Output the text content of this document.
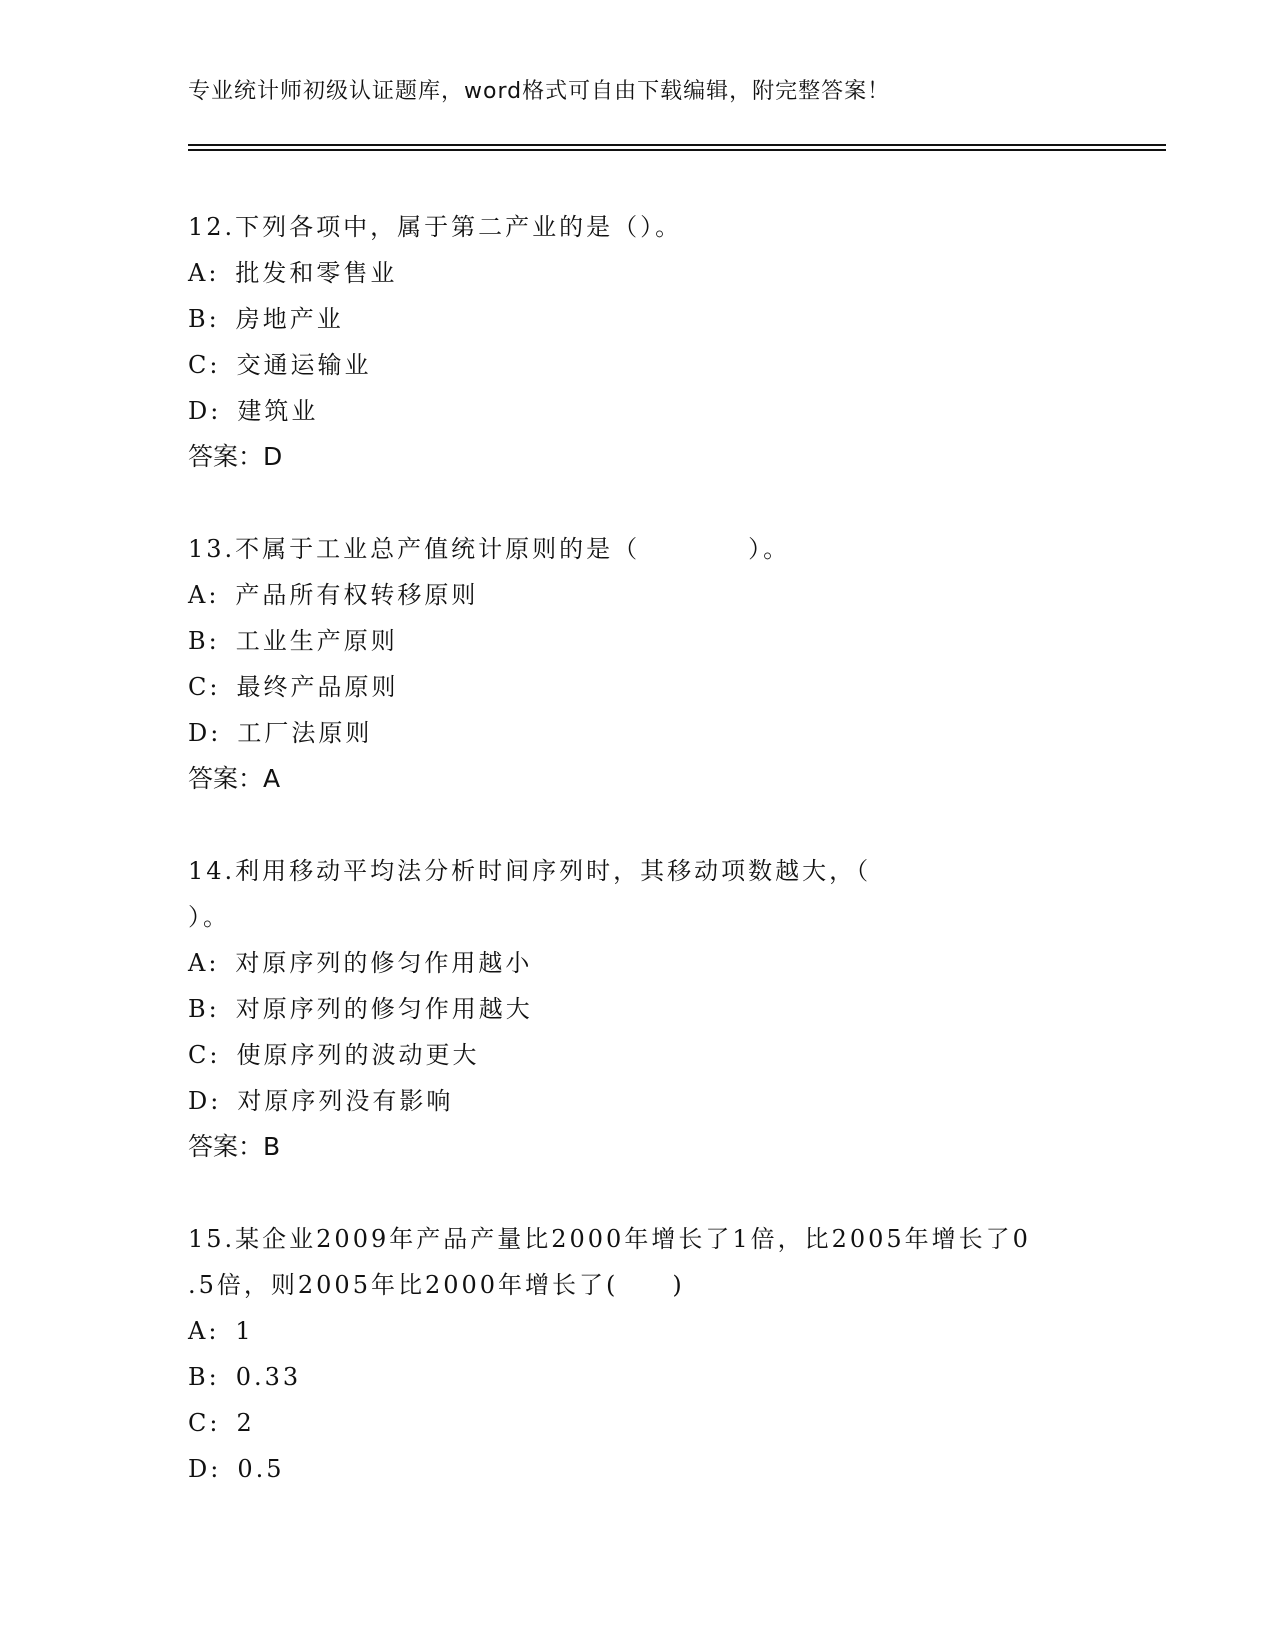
专业统计师初级认证题库，word格式可自由下载编辑，附完整答案！
12.下列各项中，属于第二产业的是（）。
A: 批发和零售业
B: 房地产业
C: 交通运输业
D: 建筑业
答案：D
13.不属于工业总产值统计原则的是（　　　　）。
A: 产品所有权转移原则
B: 工业生产原则
C: 最终产品原则
D: 工厂法原则
答案：A
14.利用移动平均法分析时间序列时，其移动项数越大，（
）。
A: 对原序列的修匀作用越小
B: 对原序列的修匀作用越大
C: 使原序列的波动更大
D: 对原序列没有影响
答案：B
15.某企业2009年产品产量比2000年增长了1倍，比2005年增长了0
.5倍，则2005年比2000年增长了(　　)
A: 1
B: 0.33
C: 2
D: 0.5
